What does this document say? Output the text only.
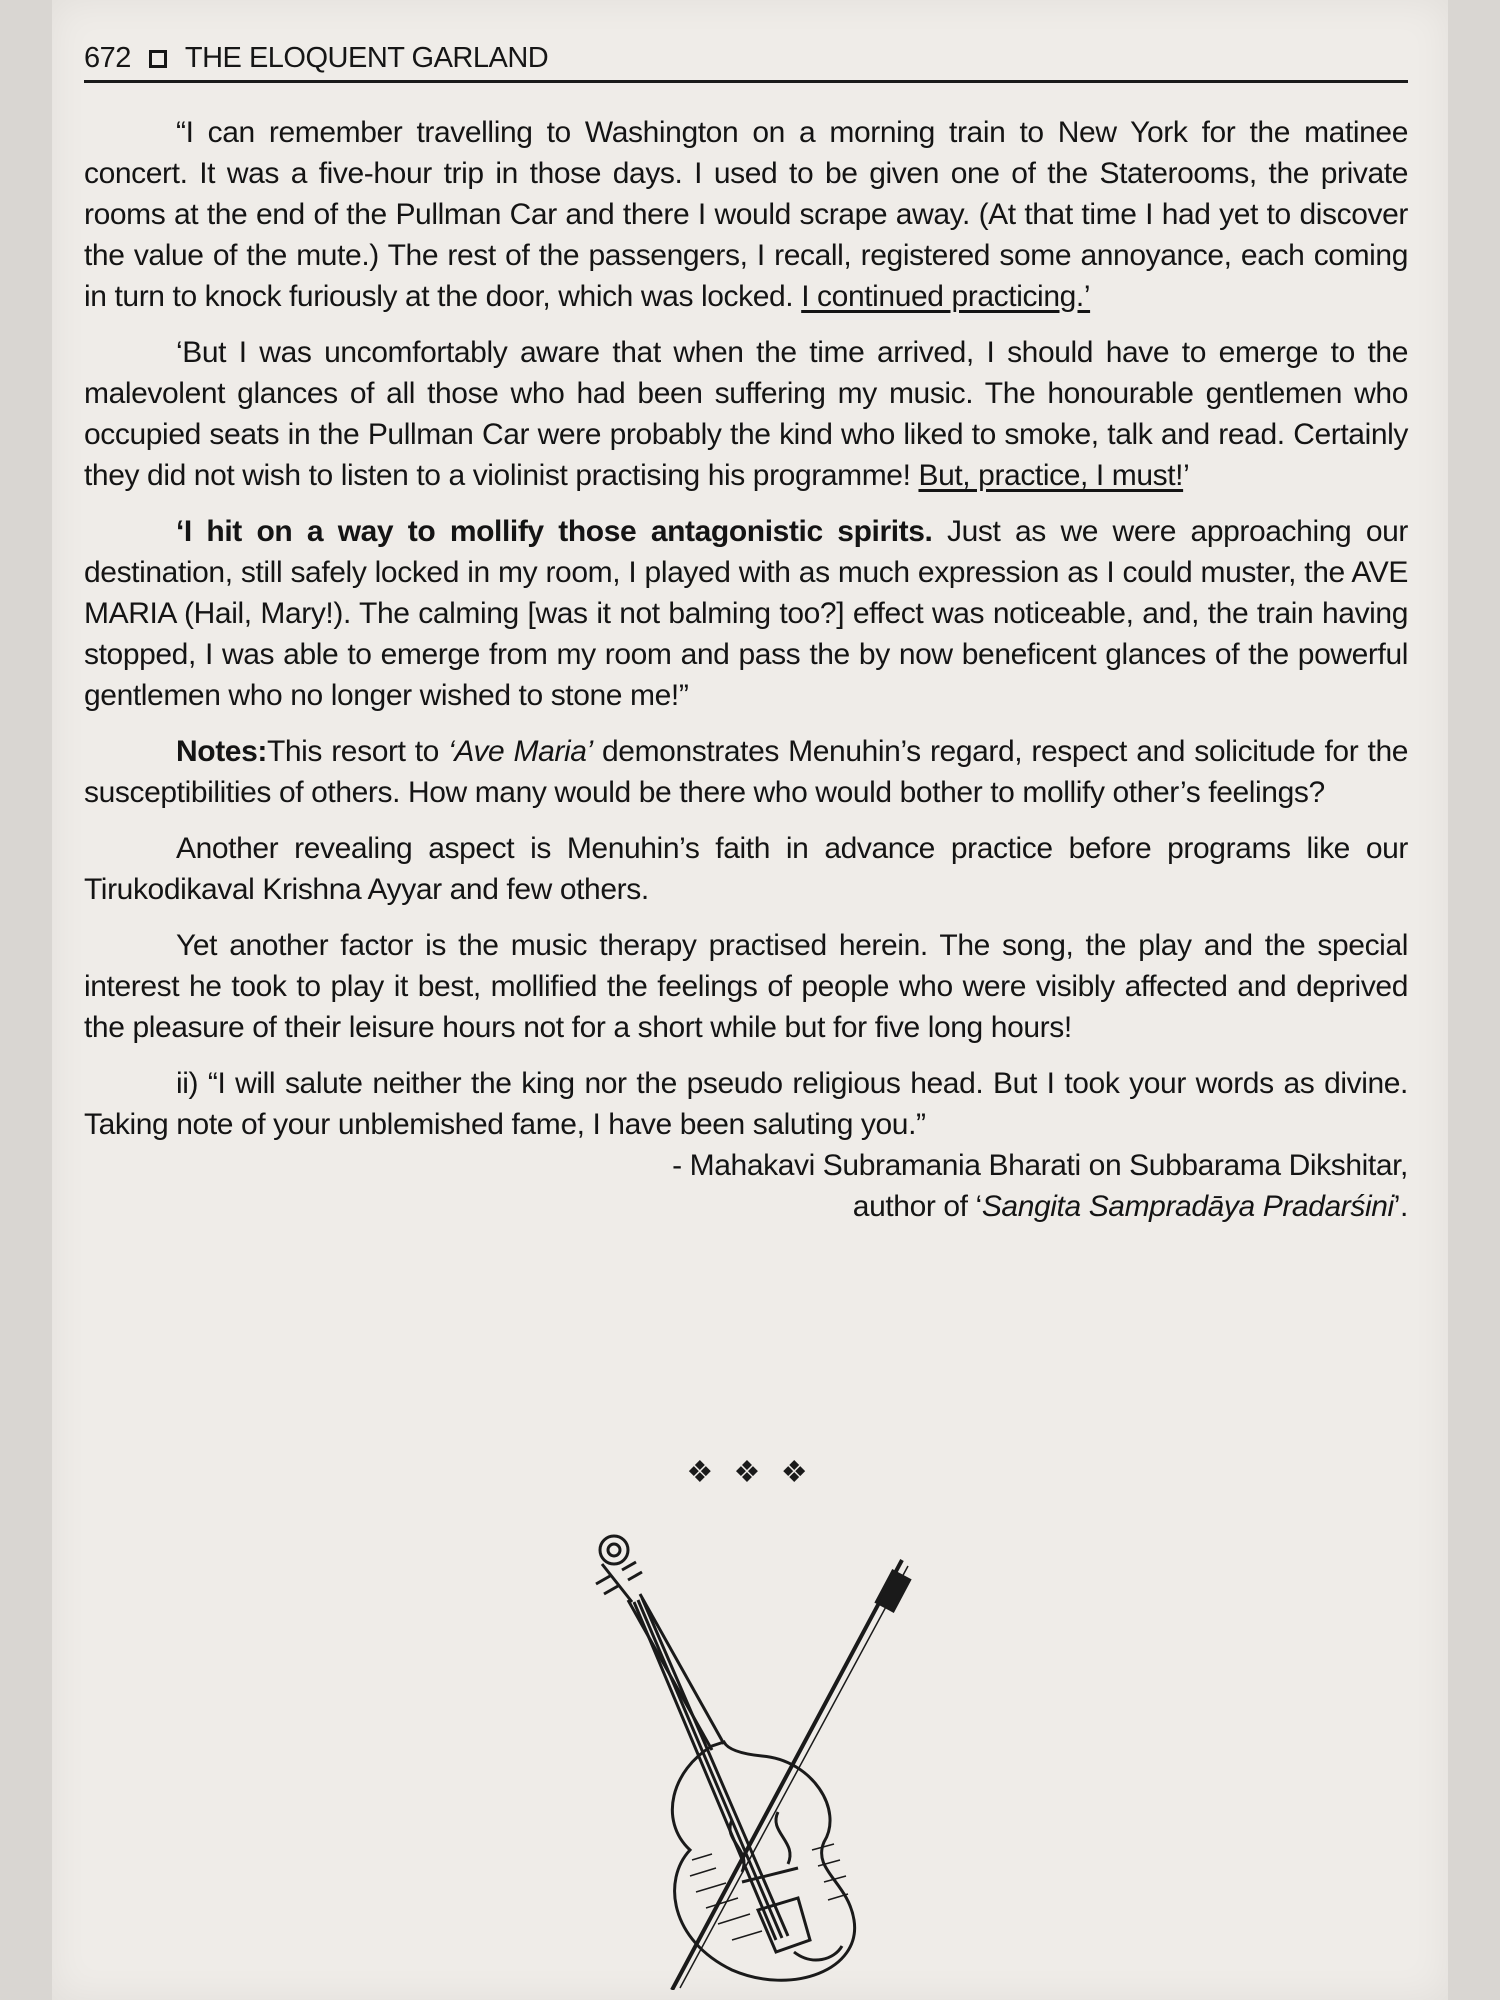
672 THE ELOQUENT GARLAND

“I can remember travelling to Washington on a morning train to New York for the matinee concert. It was a five-hour trip in those days. I used to be given one of the Staterooms, the private rooms at the end of the Pullman Car and there I would scrape away. (At that time I had yet to discover the value of the mute.) The rest of the passengers, I recall, registered some annoyance, each coming in turn to knock furiously at the door, which was locked. I continued practicing.’

‘But I was uncomfortably aware that when the time arrived, I should have to emerge to the malevolent glances of all those who had been suffering my music. The honourable gentlemen who occupied seats in the Pullman Car were probably the kind who liked to smoke, talk and read. Certainly they did not wish to listen to a violinist practising his programme! But, practice, I must!’

‘I hit on a way to mollify those antagonistic spirits. Just as we were approaching our destination, still safely locked in my room, I played with as much expression as I could muster, the AVE MARIA (Hail, Mary!). The calming [was it not balming too?] effect was noticeable, and, the train having stopped, I was able to emerge from my room and pass the by now beneficent glances of the powerful gentlemen who no longer wished to stone me!”

Notes:This resort to ‘Ave Maria’ demonstrates Menuhin’s regard, respect and solicitude for the susceptibilities of others. How many would be there who would bother to mollify other’s feelings?

Another revealing aspect is Menuhin’s faith in advance practice before programs like our Tirukodikaval Krishna Ayyar and few others.

Yet another factor is the music therapy practised herein. The song, the play and the special interest he took to play it best, mollified the feelings of people who were visibly affected and deprived the pleasure of their leisure hours not for a short while but for five long hours!

ii) “I will salute neither the king nor the pseudo religious head. But I took your words as divine. Taking note of your unblemished fame, I have been saluting you.”

- Mahakavi Subramania Bharati on Subbarama Dikshitar,

author of ‘Sangita Sampradāya Pradarśini’.

❖ ❖ ❖
